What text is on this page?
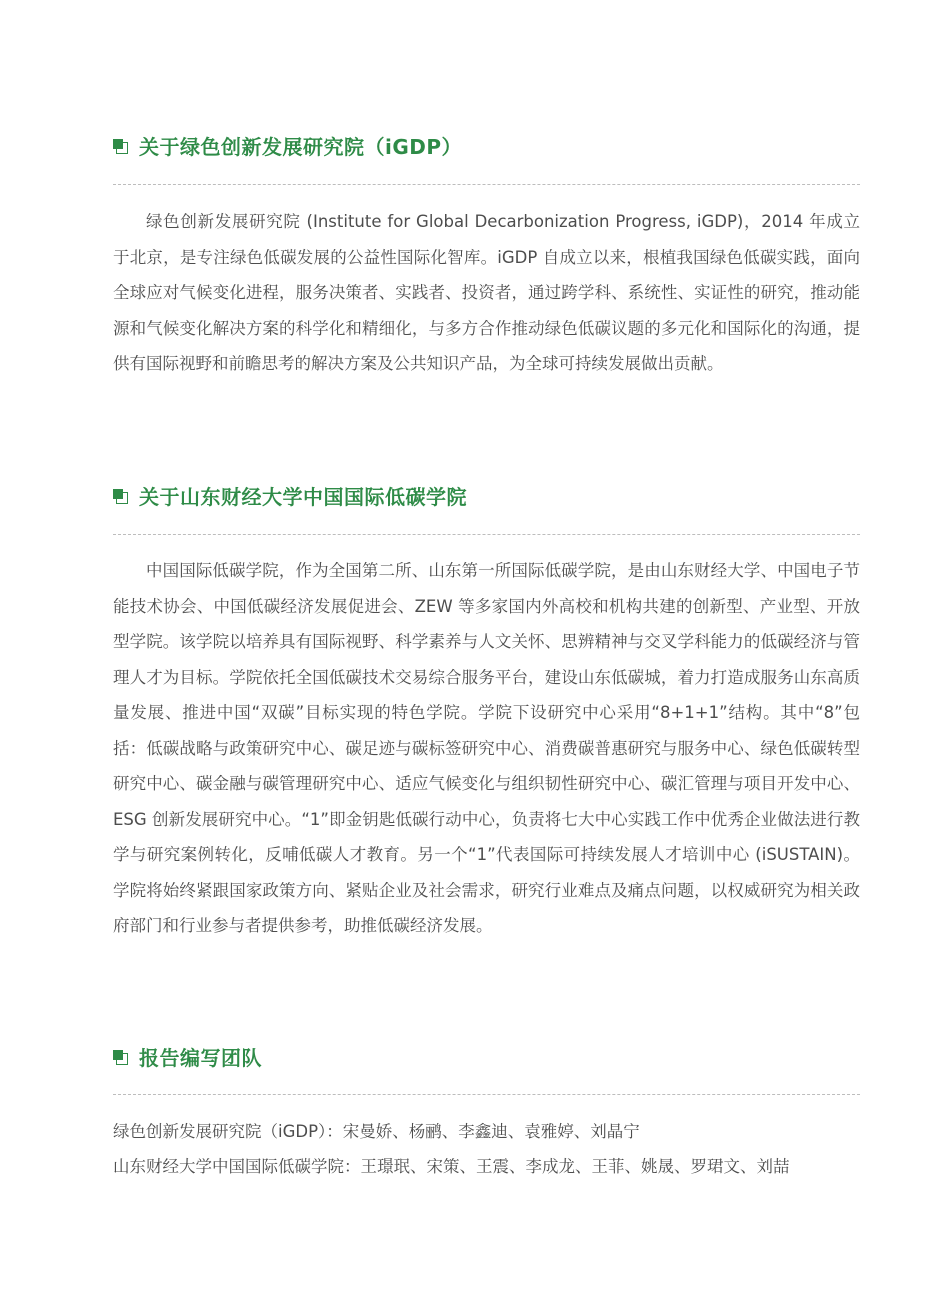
关于绿色创新发展研究院（iGDP）

绿色创新发展研究院 (Institute for Global Decarbonization Progress, iGDP)，2014 年成立于北京，是专注绿色低碳发展的公益性国际化智库。iGDP 自成立以来，根植我国绿色低碳实践，面向全球应对气候变化进程，服务决策者、实践者、投资者，通过跨学科、系统性、实证性的研究，推动能源和气候变化解决方案的科学化和精细化，与多方合作推动绿色低碳议题的多元化和国际化的沟通，提供有国际视野和前瞻思考的解决方案及公共知识产品，为全球可持续发展做出贡献。

关于山东财经大学中国国际低碳学院

中国国际低碳学院，作为全国第二所、山东第一所国际低碳学院，是由山东财经大学、中国电子节能技术协会、中国低碳经济发展促进会、ZEW 等多家国内外高校和机构共建的创新型、产业型、开放型学院。该学院以培养具有国际视野、科学素养与人文关怀、思辨精神与交叉学科能力的低碳经济与管理人才为目标。学院依托全国低碳技术交易综合服务平台，建设山东低碳城，着力打造成服务山东高质量发展、推进中国“双碳”目标实现的特色学院。学院下设研究中心采用“8+1+1”结构。其中“8”包括：低碳战略与政策研究中心、碳足迹与碳标签研究中心、消费碳普惠研究与服务中心、绿色低碳转型研究中心、碳金融与碳管理研究中心、适应气候变化与组织韧性研究中心、碳汇管理与项目开发中心、ESG 创新发展研究中心。“1”即金钥匙低碳行动中心，负责将七大中心实践工作中优秀企业做法进行教学与研究案例转化，反哺低碳人才教育。另一个“1”代表国际可持续发展人才培训中心 (iSUSTAIN)。学院将始终紧跟国家政策方向、紧贴企业及社会需求，研究行业难点及痛点问题，以权威研究为相关政府部门和行业参与者提供参考，助推低碳经济发展。

报告编写团队
绿色创新发展研究院（iGDP）：宋曼娇、杨鹂、李鑫迪、袁雅婷、刘晶宁
山东财经大学中国国际低碳学院：王璟珉、宋策、王震、李成龙、王菲、姚晟、罗珺文、刘喆
